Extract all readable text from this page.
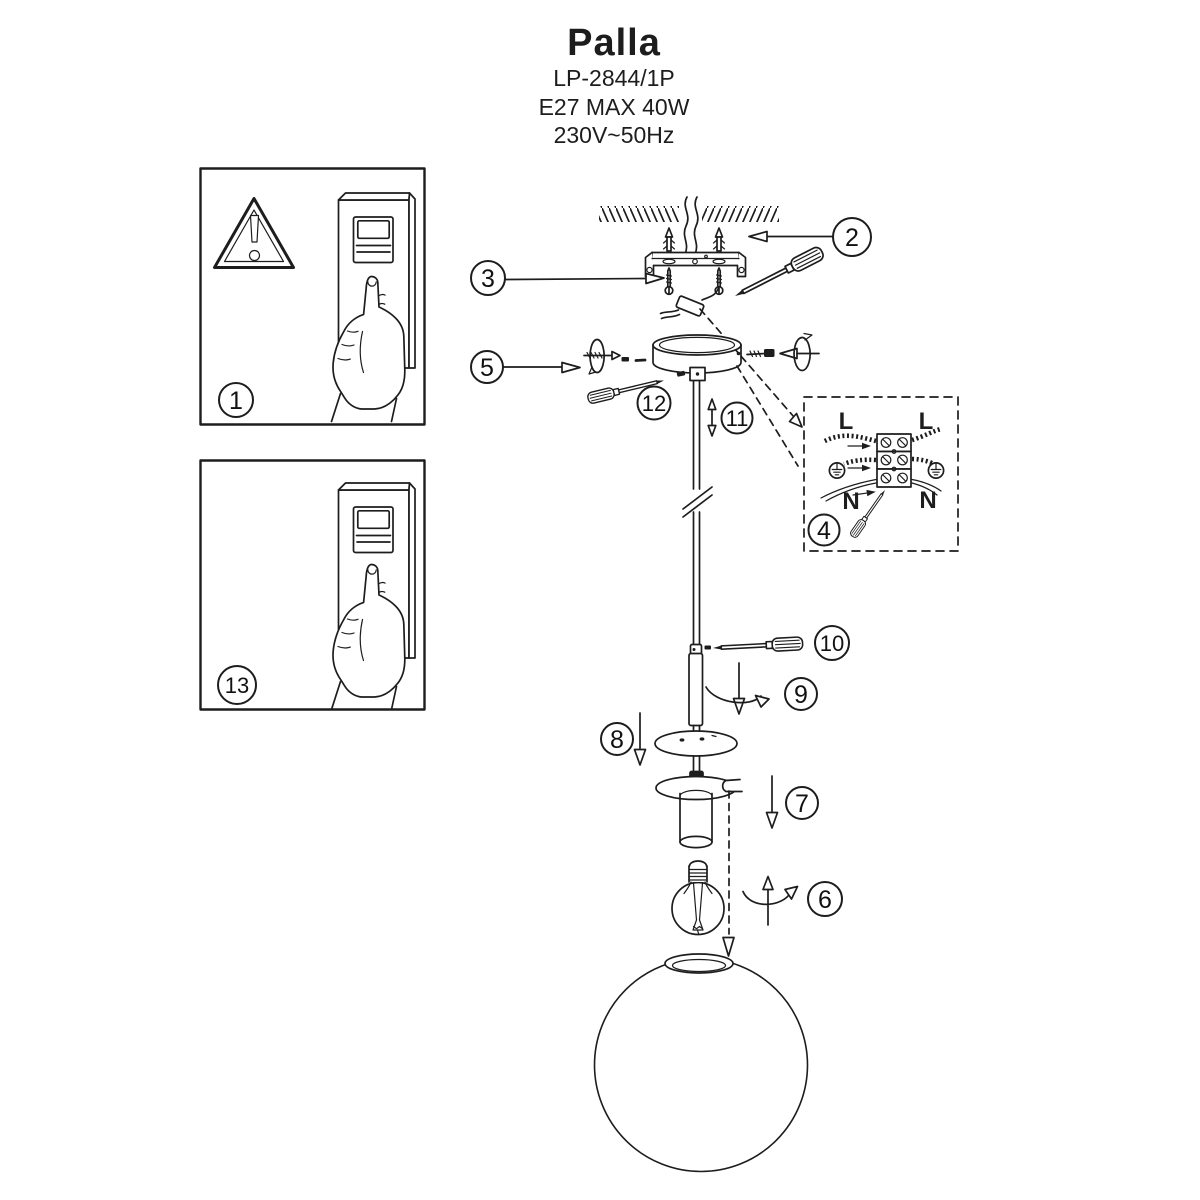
Palla
LP-2844/1P
E27 MAX 40W
230V~50Hz
L	L
N N
OFF
ON
1
2
3
4
5
6
7
8
9
10
11
12
13
